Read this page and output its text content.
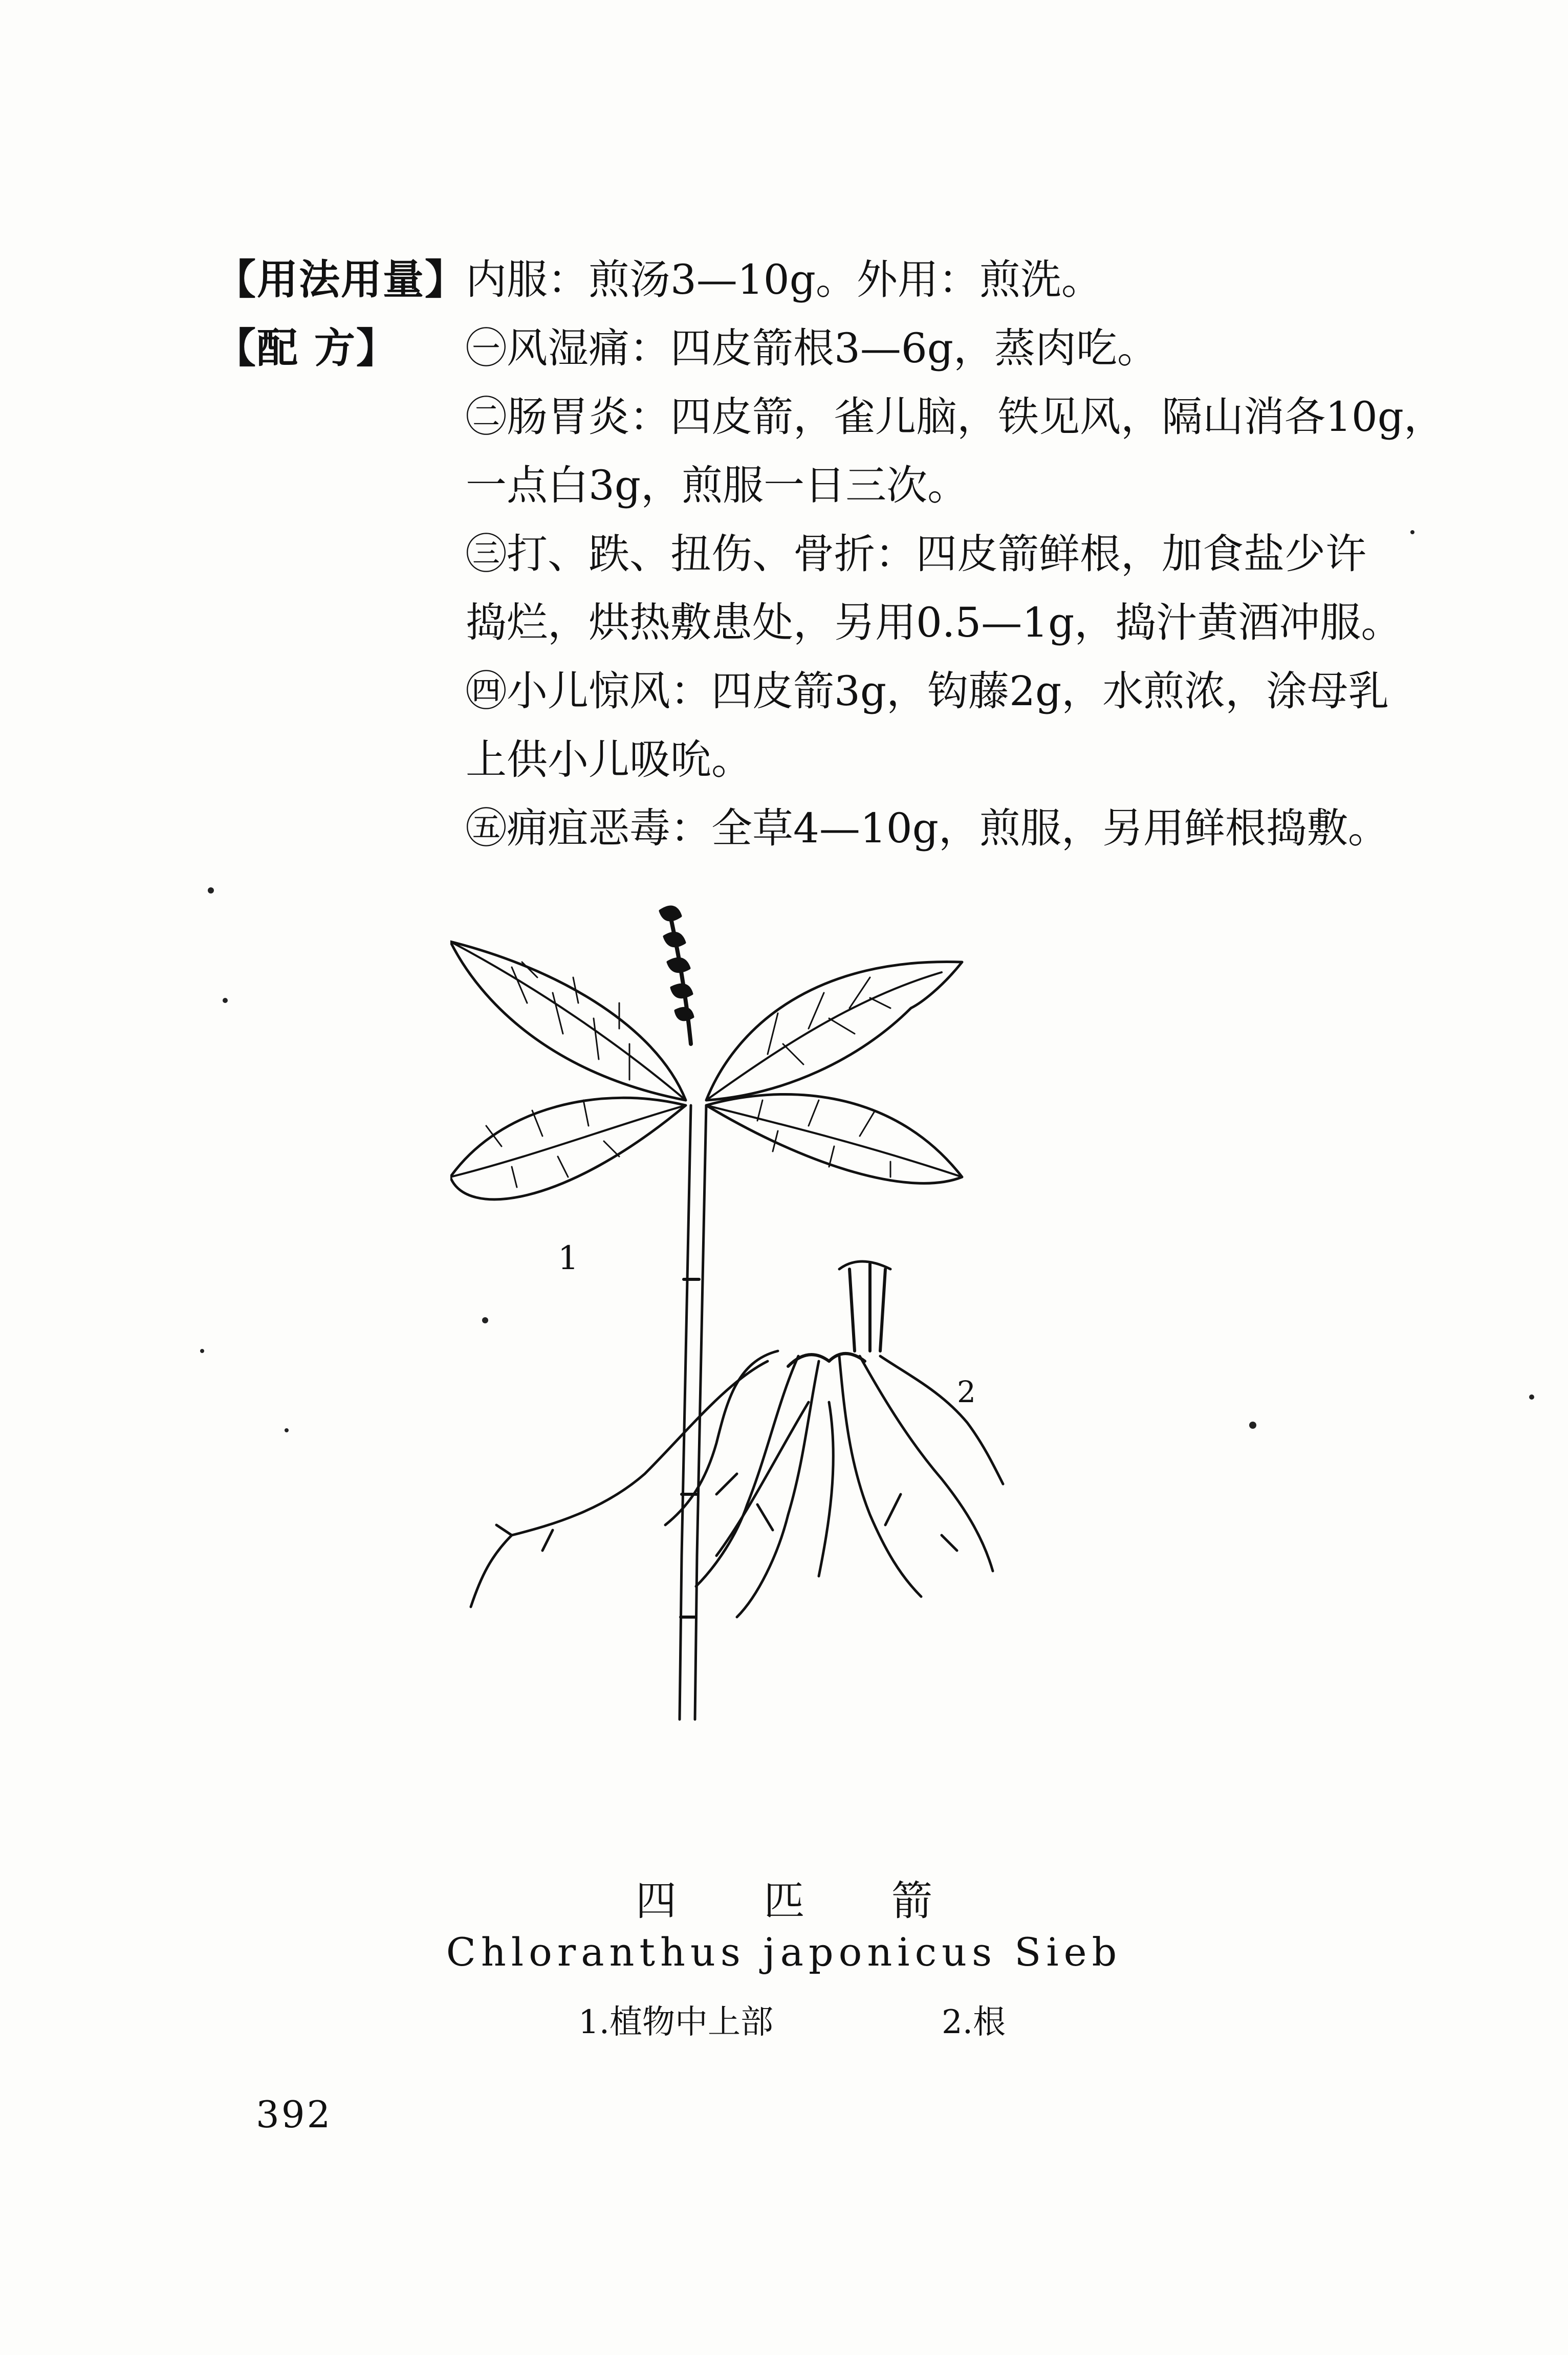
【用法用量】
内服：煎汤3—10g。外用：煎洗。
【配 方】 ㊀风湿痛：四皮箭根3—6g，蒸肉吃。
㊁肠胃炎：四皮箭，雀儿脑，铁见风，隔山消各10g，
一点白3g，煎服一日三次。
㊂打、跌、扭伤、骨折：四皮箭鲜根，加食盐少许
捣烂，烘热敷患处，另用0.5—1g，捣汁黄酒冲服。
㊃小儿惊风：四皮箭3g，钩藤2g，水煎浓，涂母乳
上供小儿吸吮。
㊄痈疽恶毒：全草4—10g，煎服，另用鲜根捣敷。
1
2
四匹箭
Chloranthus japonicus Sieb
1.植物中上部	2.根
392
